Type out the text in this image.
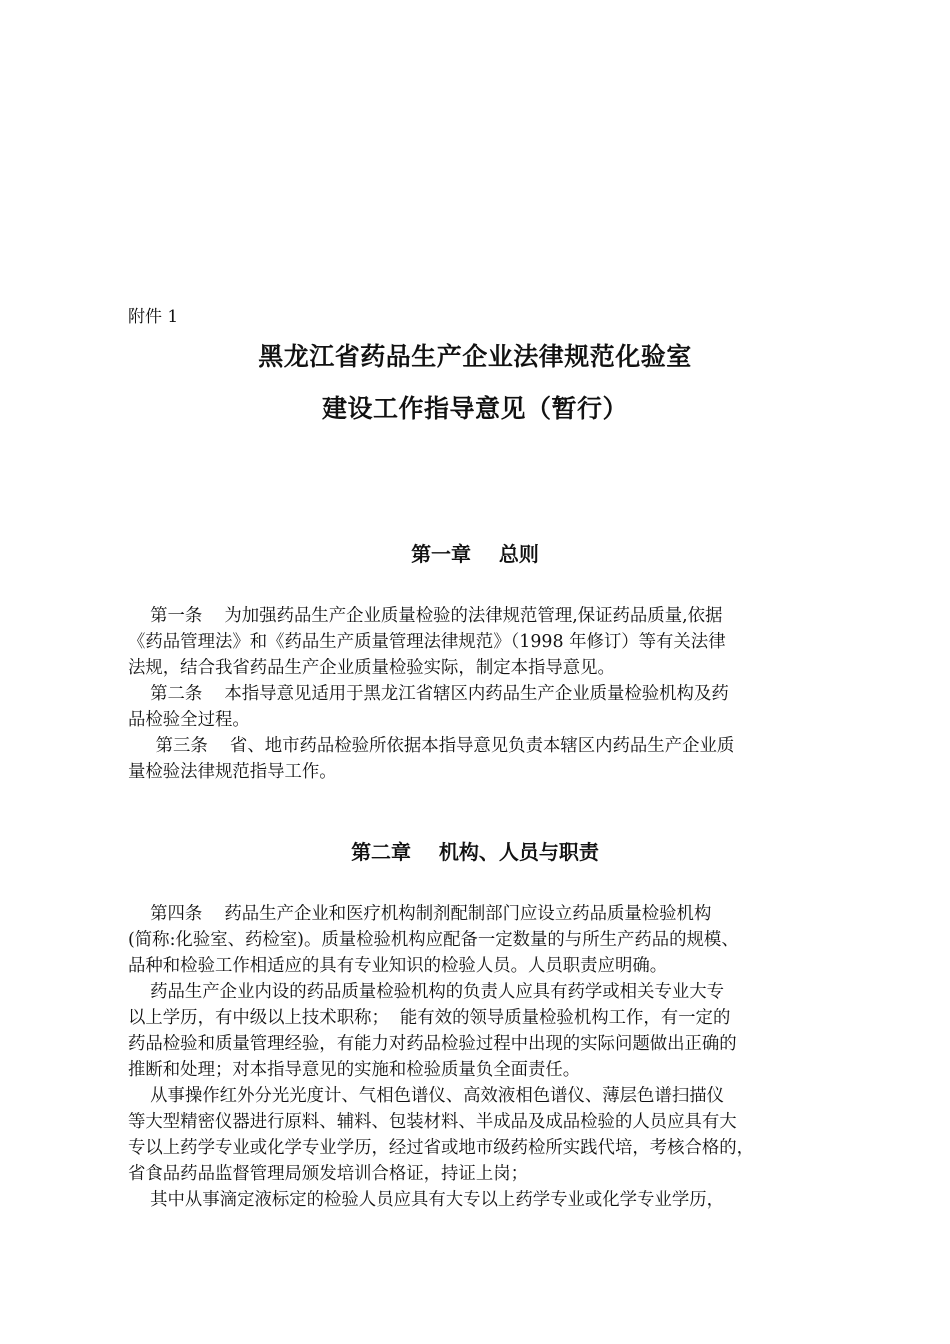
附件 1
黑龙江省药品生产企业法律规范化验室
建设工作指导意见（暂行）
第一章    总则
第一条    为加强药品生产企业质量检验的法律规范管理,保证药品质量,依据
《药品管理法》和《药品生产质量管理法律规范》（1998 年修订）等有关法律
法规，结合我省药品生产企业质量检验实际，制定本指导意见。
第二条    本指导意见适用于黑龙江省辖区内药品生产企业质量检验机构及药
品检验全过程。
第三条    省、地市药品检验所依据本指导意见负责本辖区内药品生产企业质
量检验法律规范指导工作。
第二章    机构、人员与职责
第四条    药品生产企业和医疗机构制剂配制部门应设立药品质量检验机构
(简称:化验室、药检室)。质量检验机构应配备一定数量的与所生产药品的规模、
品种和检验工作相适应的具有专业知识的检验人员。人员职责应明确。
药品生产企业内设的药品质量检验机构的负责人应具有药学或相关专业大专
以上学历，有中级以上技术职称；  能有效的领导质量检验机构工作，有一定的
药品检验和质量管理经验，有能力对药品检验过程中出现的实际问题做出正确的
推断和处理；对本指导意见的实施和检验质量负全面责任。
从事操作红外分光光度计、气相色谱仪、高效液相色谱仪、薄层色谱扫描仪
等大型精密仪器进行原料、辅料、包装材料、半成品及成品检验的人员应具有大
专以上药学专业或化学专业学历，经过省或地市级药检所实践代培，考核合格的，
省食品药品监督管理局颁发培训合格证，持证上岗；
其中从事滴定液标定的检验人员应具有大专以上药学专业或化学专业学历，
